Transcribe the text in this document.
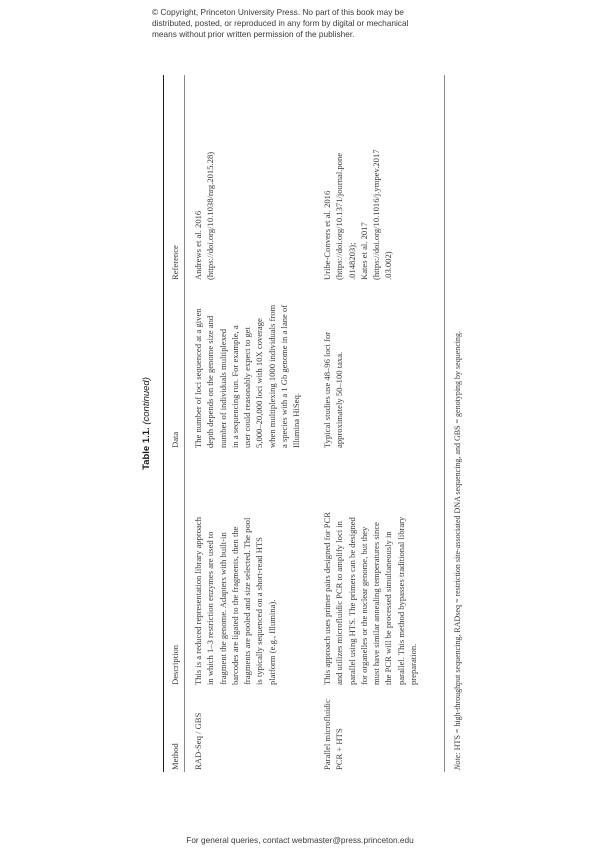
© Copyright, Princeton University Press. No part of this book may be
distributed, posted, or reproduced in any form by digital or mechanical
means without prior written permission of the publisher.
Table 1.1. (continued)
Method
Description
Data
Reference
RAD-Seq / GBS
This is a reduced representation library approach in which 1–3 restriction enzymes are used to fragment the genome. Adapters with built-in barcodes are ligated to the fragments, then the fragments are pooled and size selected. The pool is typically sequenced on a short-read HTS platform (e.g., Illumina).
The number of loci sequenced at a given depth depends on the genome size and number of individuals multiplexed in a sequencing run. For example, a user could reasonably expect to get 5,000–20,000 loci with 10X coverage when multiplexing 1000 individuals from a species with a 1 Gb genome in a lane of Illumina HiSeq.
Andrews et al. 2016 (https://doi.org/10.1038/nrg.2015.28)
Parallel microfluidic PCR + HTS
This approach uses primer pairs designed for PCR and utilizes microfluidic PCR to amplify loci in parallel using HTS. The primers can be designed for organelles or the nuclear genome, but they must have similar annealing temperatures since the PCR will be processed simultaneously in parallel. This method bypasses traditional library preparation.
Typical studies use 48–96 loci for approximately 50–100 taxa.
Uribe-Convers et al. 2016 (https://doi.org/10.1371/journal.pone .0148203); Kates et al. 2017 (https://doi.org/10.1016/j.ympev.2017 .03.002)
Note: HTS = high-throughput sequencing, RADseq = restriction site-associated DNA sequencing, and GBS = genotyping by sequencing.
For general queries, contact webmaster@press.princeton.edu
